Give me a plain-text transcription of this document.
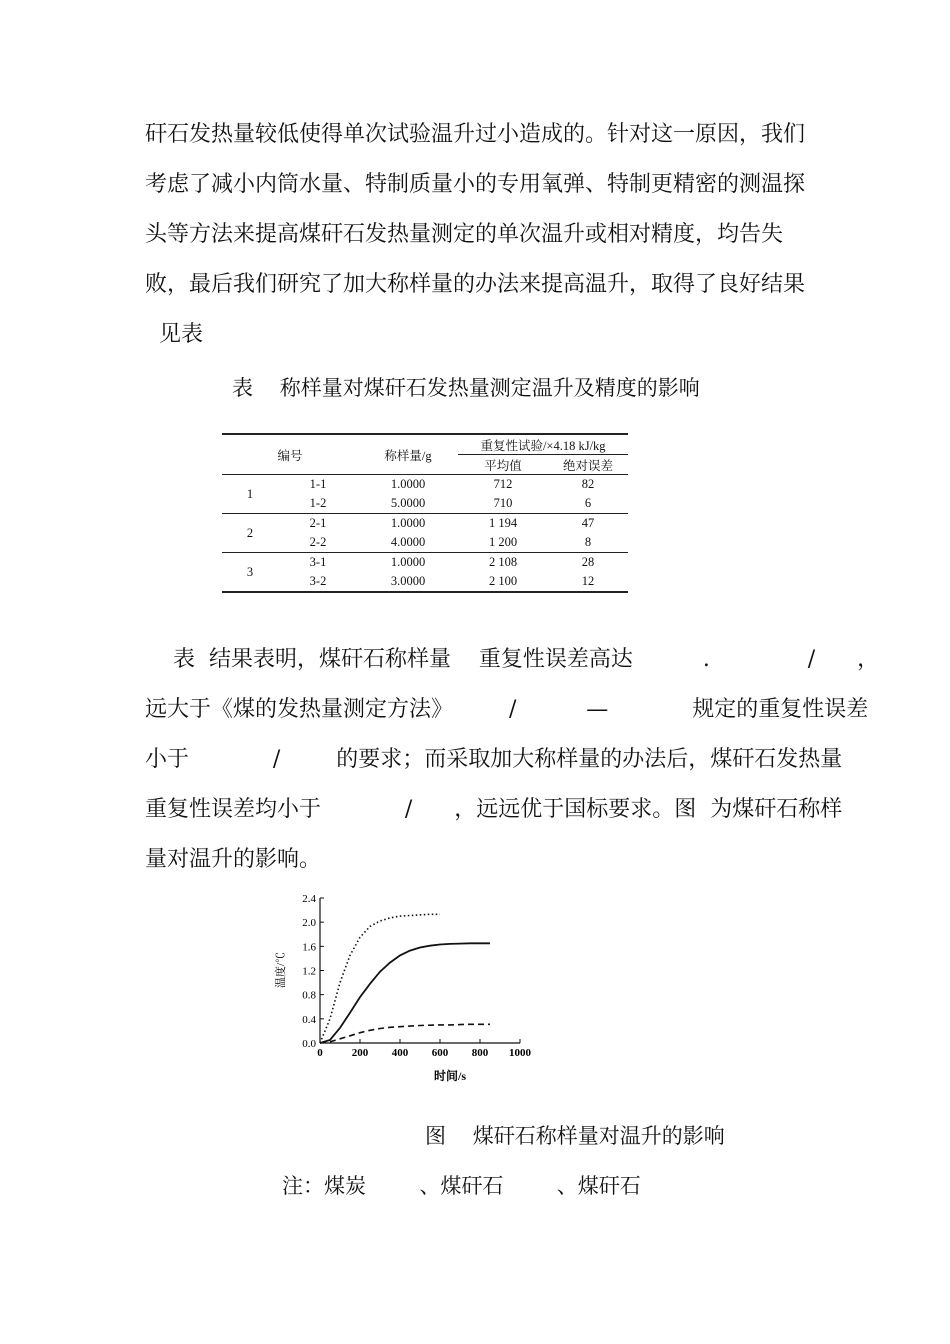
矸石发热量较低使得单次试验温升过小造成的。针对这一原因，我们
考虑了减小内筒水量、特制质量小的专用氧弹、特制更精密的测温探
头等方法来提高煤矸石发热量测定的单次温升或相对精度，均告失
败，最后我们研究了加大称样量的办法来提高温升，取得了良好结果
见表
表    称样量对煤矸石发热量测定温升及精度的影响
编号		称样量/g	重复性试验/×4.18 kJ/kg	
			平均值	绝对误差
1	1-1	1.0000	712	82
	1-2	5.0000	710	6
2	2-1	1.0000	1 194	47
	2-2	4.0000	1 200	8
3	3-1	1.0000	2 108	28
	3-2	3.0000	2 100	12
表  结果表明，煤矸石称样量    重复性误差高达          .              /      ，
远大于《煤的发热量测定方法》        /          —            规定的重复性误差
小于            /        的要求；而采取加大称样量的办法后，煤矸石发热量
重复性误差均小于            /      ，远远优于国标要求。图  为煤矸石称样
量对温升的影响。
0	200 400 600 800 1000
0.0
0.4
0.8
1.2
1.6
2.0
2.4
温度/℃
时间/s
图    煤矸石称样量对温升的影响
注：煤炭        、煤矸石        、煤矸石
